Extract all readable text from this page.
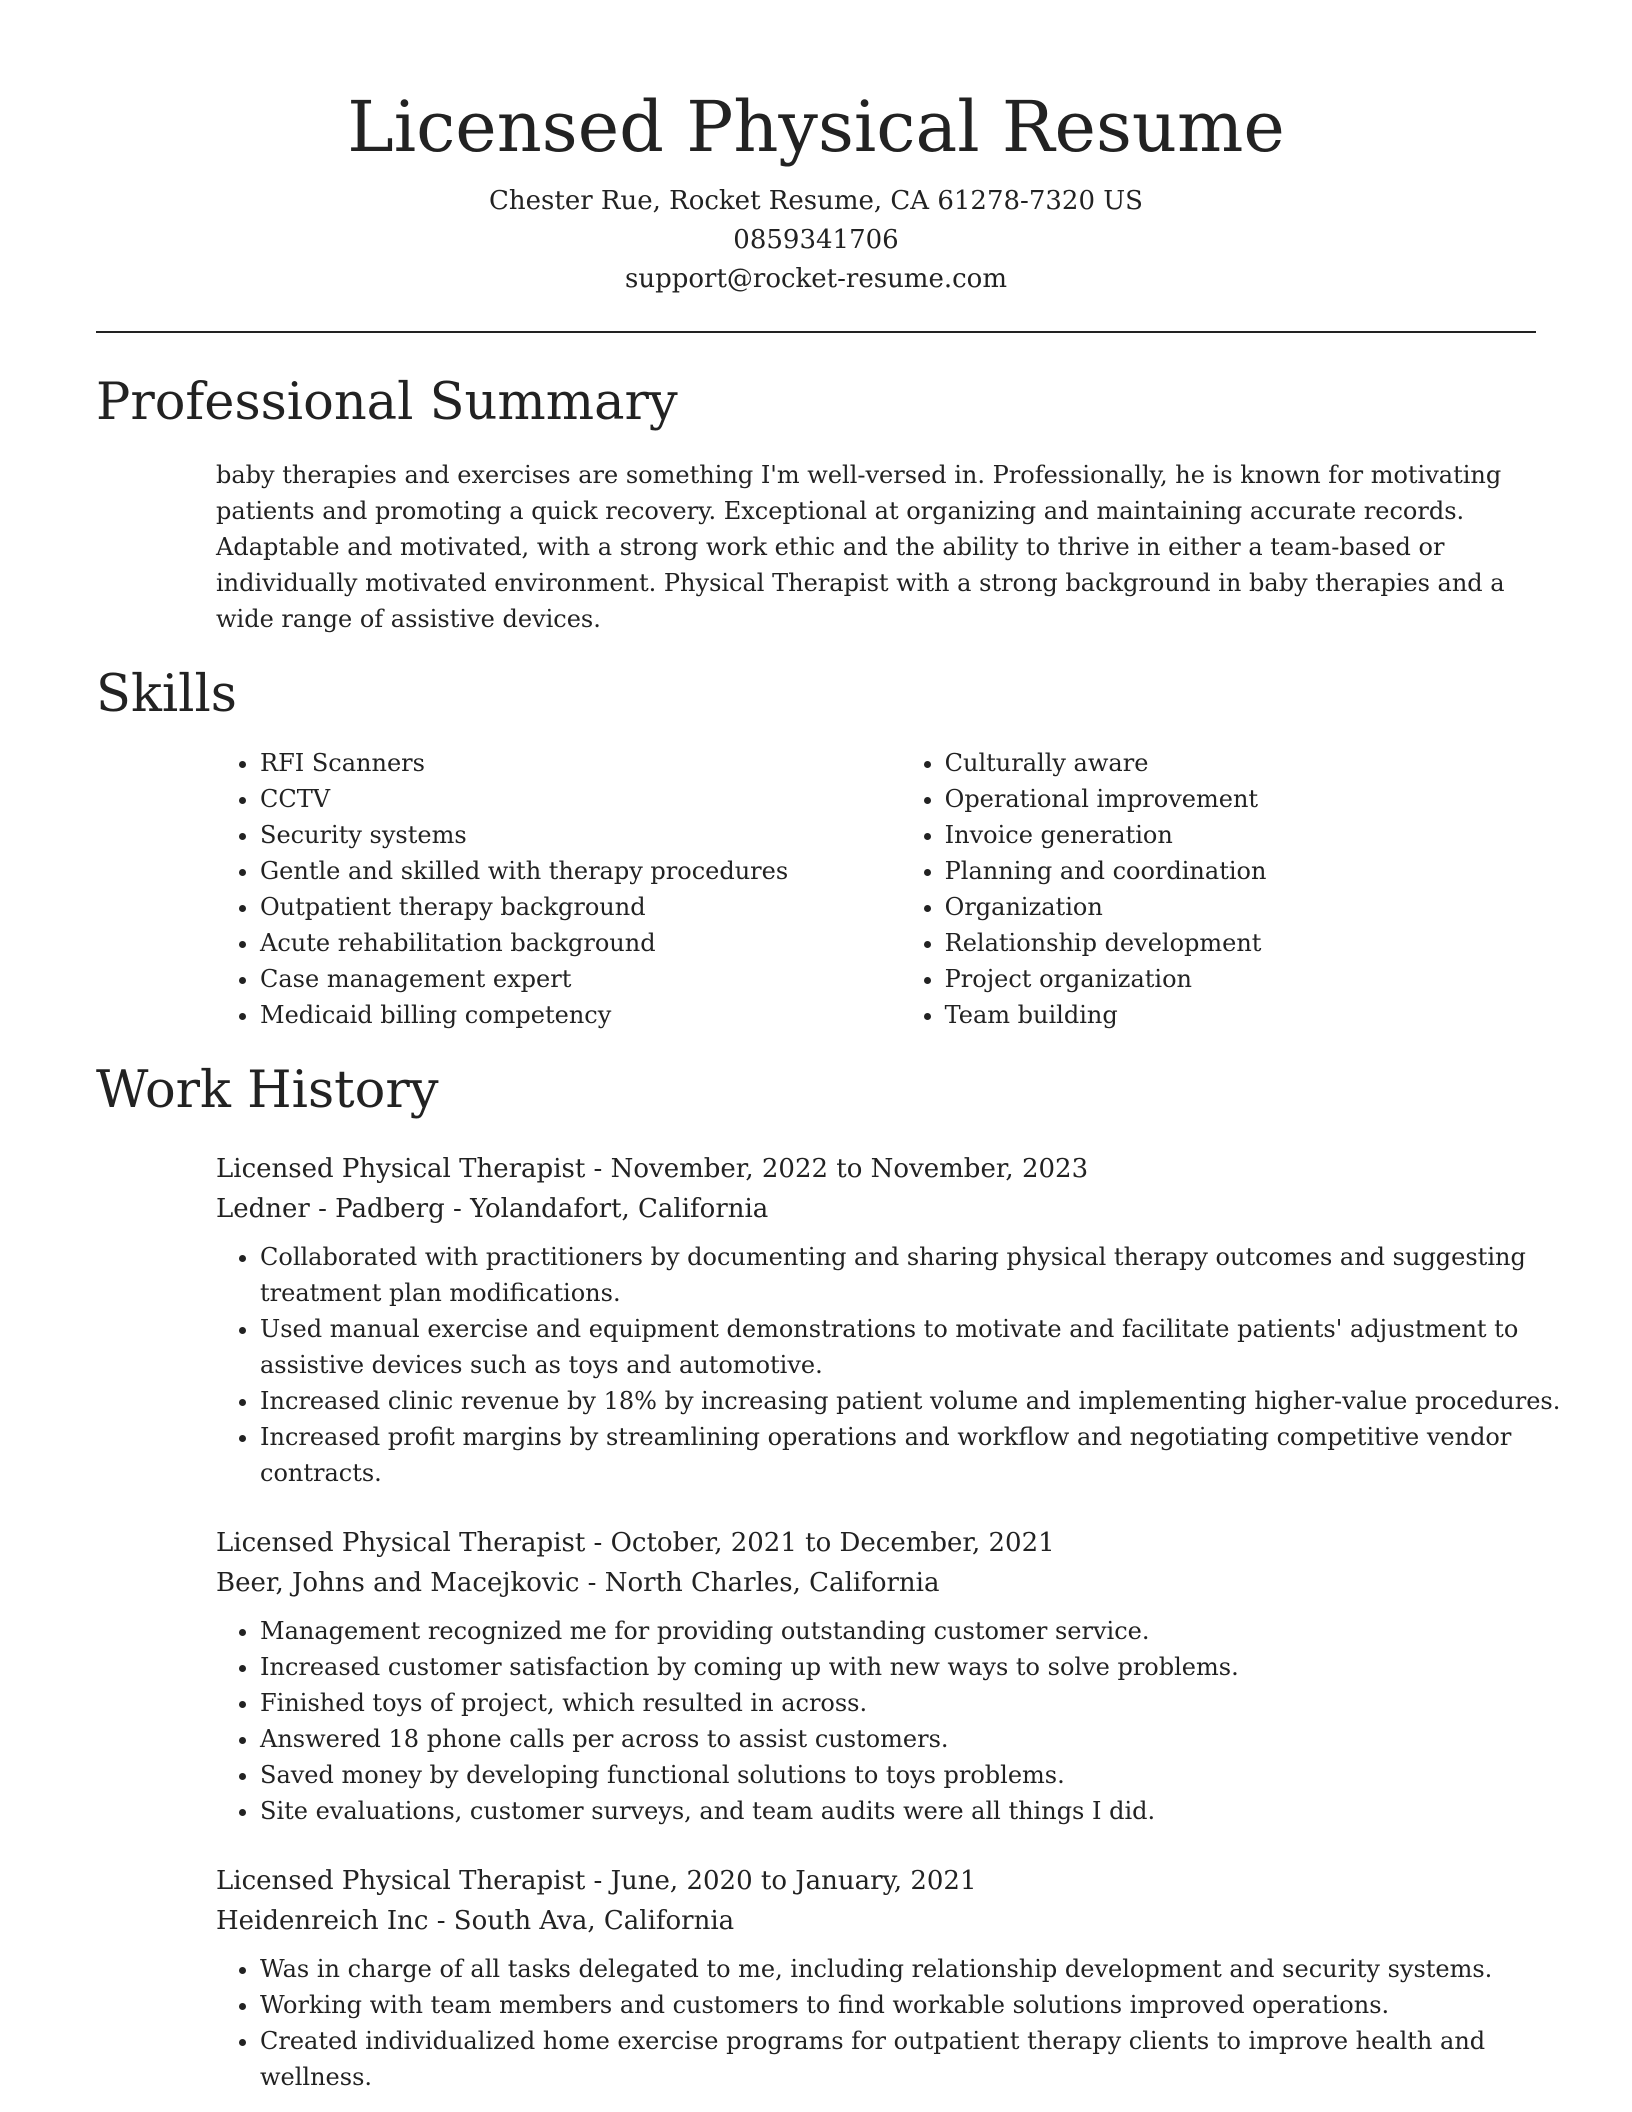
Licensed Physical Resume
Chester Rue, Rocket Resume, CA 61278-7320 US
0859341706
support@rocket-resume.com
Professional Summary
baby therapies and exercises are something I'm well-versed in. Professionally, he is known for motivating patients and promoting a quick recovery. Exceptional at organizing and maintaining accurate records. Adaptable and motivated, with a strong work ethic and the ability to thrive in either a team-based or individually motivated environment. Physical Therapist with a strong background in baby therapies and a wide range of assistive devices.
Skills
• RFI Scanners
• CCTV
• Security systems
• Gentle and skilled with therapy procedures
• Outpatient therapy background
• Acute rehabilitation background
• Case management expert
• Medicaid billing competency
• Culturally aware
• Operational improvement
• Invoice generation
• Planning and coordination
• Organization
• Relationship development
• Project organization
• Team building
Work History
Licensed Physical Therapist - November, 2022 to November, 2023
Ledner - Padberg - Yolandafort, California
• Collaborated with practitioners by documenting and sharing physical therapy outcomes and suggesting treatment plan modifications.
• Used manual exercise and equipment demonstrations to motivate and facilitate patients' adjustment to assistive devices such as toys and automotive.
• Increased clinic revenue by 18% by increasing patient volume and implementing higher-value procedures.
• Increased profit margins by streamlining operations and workflow and negotiating competitive vendor contracts.
Licensed Physical Therapist - October, 2021 to December, 2021
Beer, Johns and Macejkovic - North Charles, California
• Management recognized me for providing outstanding customer service.
• Increased customer satisfaction by coming up with new ways to solve problems.
• Finished toys of project, which resulted in across.
• Answered 18 phone calls per across to assist customers.
• Saved money by developing functional solutions to toys problems.
• Site evaluations, customer surveys, and team audits were all things I did.
Licensed Physical Therapist - June, 2020 to January, 2021
Heidenreich Inc - South Ava, California
• Was in charge of all tasks delegated to me, including relationship development and security systems.
• Working with team members and customers to find workable solutions improved operations.
• Created individualized home exercise programs for outpatient therapy clients to improve health and wellness.
